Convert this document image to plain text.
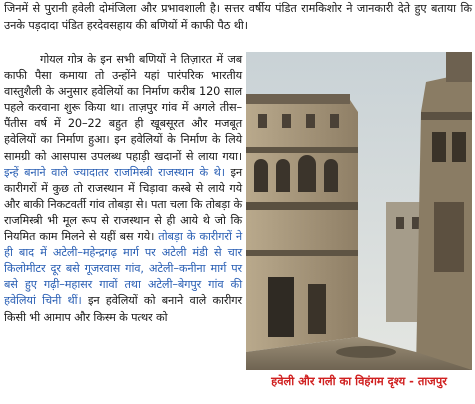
जिनमें से पुरानी हवेली दोमंजिला और प्रभावशाली है। सत्तर वर्षीय पंडित रामकिशोर ने जानकारी देते हुए बताया कि उनके पड़दादा पंडित हरदेवसहाय की बणियों में काफी पैठ थी।

गोयल गोत्र के इन सभी बणियों ने तिज़ारत में जब काफी पैसा कमाया तो उन्होंने यहां पारंपरिक भारतीय वास्तुशैली के अनुसार हवेलियों का निर्माण करीब 120 साल पहले करवाना शुरू किया था। ताज़पुर गांव में अगले तीस–पैंतीस वर्ष में 20–22 बहुत ही खूबसूरत और मजबूत हवेलियों का निर्माण हुआ। इन हवेलियों के निर्माण के लिये सामग्री को आसपास उपलब्ध पहाड़ी खदानों से लाया गया। इन्हें बनाने वाले ज्यादातर राजमिस्त्री राजस्थान के थे। इन कारीगरों में कुछ तो राजस्थान में चिड़ावा कस्बे से लाये गये और बाकी निकटवर्ती गांव तोबड़ा से। पता चला कि तोबड़ा के राजमिस्त्री भी मूल रूप से राजस्थान से ही आये थे जो कि नियमित काम मिलने से यहीं बस गये। तोबड़ा के कारीगरों ने ही बाद में अटेली–महेन्द्रगढ़ मार्ग पर अटेली मंडी से चार किलोमीटर दूर बसे गूजरवास गांव, अटेली–कनीना मार्ग पर बसे हुए गढ़ी–महासर गावों तथा अटेली–बेगपुर गांव की हवेलियां चिनी थीं। इन हवेलियों को बनाने वाले कारीगर किसी भी आमाप और किस्म के पत्थर को

हवेली और गली का विहंगम दृश्य - ताजपुर
